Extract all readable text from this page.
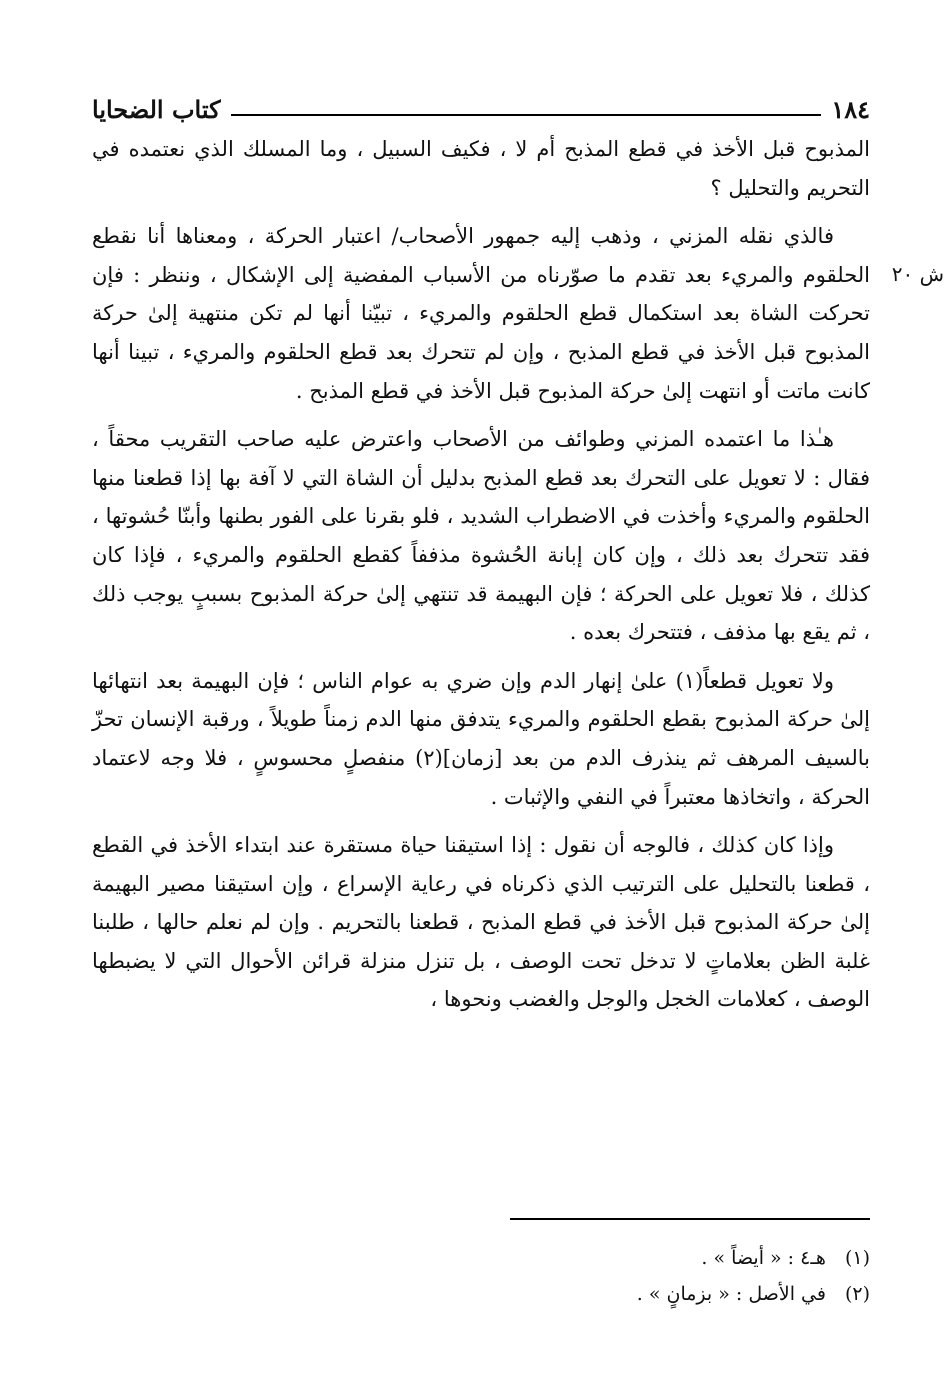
١٨٤
كتاب الضحايا
ش ٢٠

المذبوح قبل الأخذ في قطع المذبح أم لا ، فكيف السبيل ، وما المسلك الذي نعتمده في التحريم والتحليل ؟

فالذي نقله المزني ، وذهب إليه جمهور الأصحاب/ اعتبار الحركة ، ومعناها أنا نقطع الحلقوم والمريء بعد تقدم ما صوّرناه من الأسباب المفضية إلى الإشكال ، وننظر : فإن تحركت الشاة بعد استكمال قطع الحلقوم والمريء ، تبيّنا أنها لم تكن منتهية إلىٰ حركة المذبوح قبل الأخذ في قطع المذبح ، وإن لم تتحرك بعد قطع الحلقوم والمريء ، تبينا أنها كانت ماتت أو انتهت إلىٰ حركة المذبوح قبل الأخذ في قطع المذبح .

هـٰذا ما اعتمده المزني وطوائف من الأصحاب واعترض عليه صاحب التقريب محقاً ، فقال : لا تعويل على التحرك بعد قطع المذبح بدليل أن الشاة التي لا آفة بها إذا قطعنا منها الحلقوم والمريء وأخذت في الاضطراب الشديد ، فلو بقرنا على الفور بطنها وأبنّا حُشوتها ، فقد تتحرك بعد ذلك ، وإن كان إبانة الحُشوة مذففاً كقطع الحلقوم والمريء ، فإذا كان كذلك ، فلا تعويل على الحركة ؛ فإن البهيمة قد تنتهي إلىٰ حركة المذبوح بسببٍ يوجب ذلك ، ثم يقع بها مذفف ، فتتحرك بعده .

ولا تعويل قطعاً(١) علىٰ إنهار الدم وإن ضري به عوام الناس ؛ فإن البهيمة بعد انتهائها إلىٰ حركة المذبوح بقطع الحلقوم والمريء يتدفق منها الدم زمناً طويلاً ، ورقبة الإنسان تحزّ بالسيف المرهف ثم ينذرف الدم من بعد [زمان](٢) منفصلٍ محسوسٍ ، فلا وجه لاعتماد الحركة ، واتخاذها معتبراً في النفي والإثبات .

وإذا كان كذلك ، فالوجه أن نقول : إذا استيقنا حياة مستقرة عند ابتداء الأخذ في القطع ، قطعنا بالتحليل على الترتيب الذي ذكرناه في رعاية الإسراع ، وإن استيقنا مصير البهيمة إلىٰ حركة المذبوح قبل الأخذ في قطع المذبح ، قطعنا بالتحريم . وإن لم نعلم حالها ، طلبنا غلبة الظن بعلاماتٍ لا تدخل تحت الوصف ، بل تنزل منزلة قرائن الأحوال التي لا يضبطها الوصف ، كعلامات الخجل والوجل والغضب ونحوها ،

(١) هـ٤ : « أيضاً » .
(٢) في الأصل : « بزمانٍ » .
